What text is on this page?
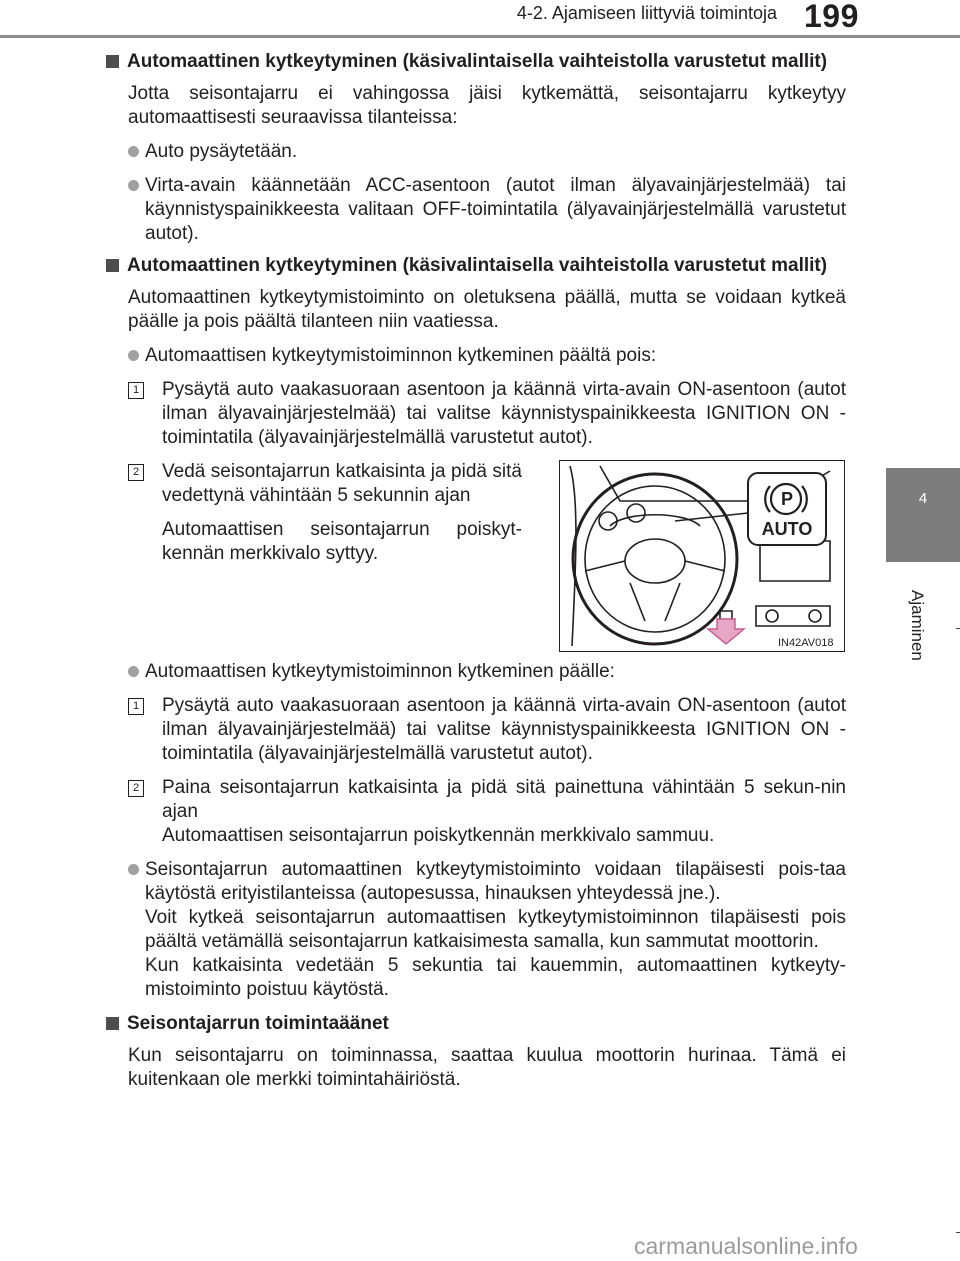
4-2. Ajamiseen liittyviä toimintoja 199
4
Ajaminen
Automaattinen kytkeytyminen (käsivalintaisella vaihteistolla varustetut mallit)

Jotta seisontajarru ei vahingossa jäisi kytkemättä, seisontajarru kytkeytyy automaattisesti seuraavissa tilanteissa:

Auto pysäytetään.
Virta-avain käännetään ACC-asentoon (autot ilman älyavainjärjestelmää) tai käynnistyspainikkeesta valitaan OFF-toimintatila (älyavainjärjestelmällä varustetut autot).
Automaattinen kytkeytyminen (käsivalintaisella vaihteistolla varustetut mallit)

Automaattinen kytkeytymistoiminto on oletuksena päällä, mutta se voidaan kytkeä päälle ja pois päältä tilanteen niin vaatiessa.

Automaattisen kytkeytymistoiminnon kytkeminen päältä pois:
1 Pysäytä auto vaakasuoraan asentoon ja käännä virta-avain ON-asentoon (autot ilman älyavainjärjestelmää) tai valitse käynnistyspainikkeesta IGNITION ON -toimintatila (älyavainjärjestelmällä varustetut autot).
2 Vedä seisontajarrun katkaisinta ja pidä sitä vedettynä vähintään 5 sekunnin ajan

Automaattisen seisontajarrun poiskyt-kennän merkkivalo syttyy.

P
AUTO
IN42AV018
Automaattisen kytkeytymistoiminnon kytkeminen päälle:
1 Pysäytä auto vaakasuoraan asentoon ja käännä virta-avain ON-asentoon (autot ilman älyavainjärjestelmää) tai valitse käynnistyspainikkeesta IGNITION ON -toimintatila (älyavainjärjestelmällä varustetut autot).
2 Paina seisontajarrun katkaisinta ja pidä sitä painettuna vähintään 5 sekun-nin ajan

Automaattisen seisontajarrun poiskytkennän merkkivalo sammuu.

Seisontajarrun automaattinen kytkeytymistoiminto voidaan tilapäisesti pois-taa käytöstä erityistilanteissa (autopesussa, hinauksen yhteydessä jne.).

Voit kytkeä seisontajarrun automaattisen kytkeytymistoiminnon tilapäisesti pois päältä vetämällä seisontajarrun katkaisimesta samalla, kun sammutat moottorin.

Kun katkaisinta vedetään 5 sekuntia tai kauemmin, automaattinen kytkeyty-mistoiminto poistuu käytöstä.

Seisontajarrun toimintaäänet

Kun seisontajarru on toiminnassa, saattaa kuulua moottorin hurinaa. Tämä ei kuitenkaan ole merkki toimintahäiriöstä.

carmanualsonline.info
